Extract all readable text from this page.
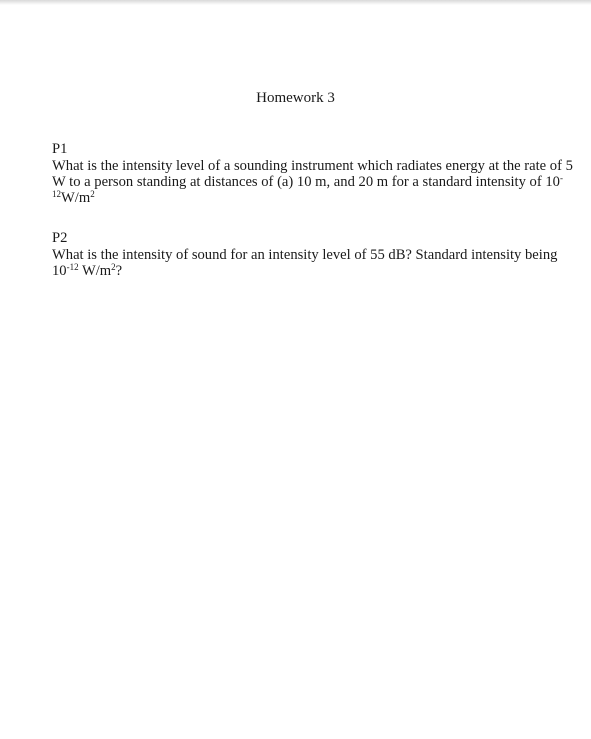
Homework 3
P1
What is the intensity level of a sounding instrument which radiates energy at the rate of 5 W to a person standing at distances of (a) 10 m, and 20 m for a standard intensity of $10^{-12}W/m^2$
P2
What is the intensity of sound for an intensity level of 55 dB? Standard intensity being $10^{-12}$ $W/m^2$?
